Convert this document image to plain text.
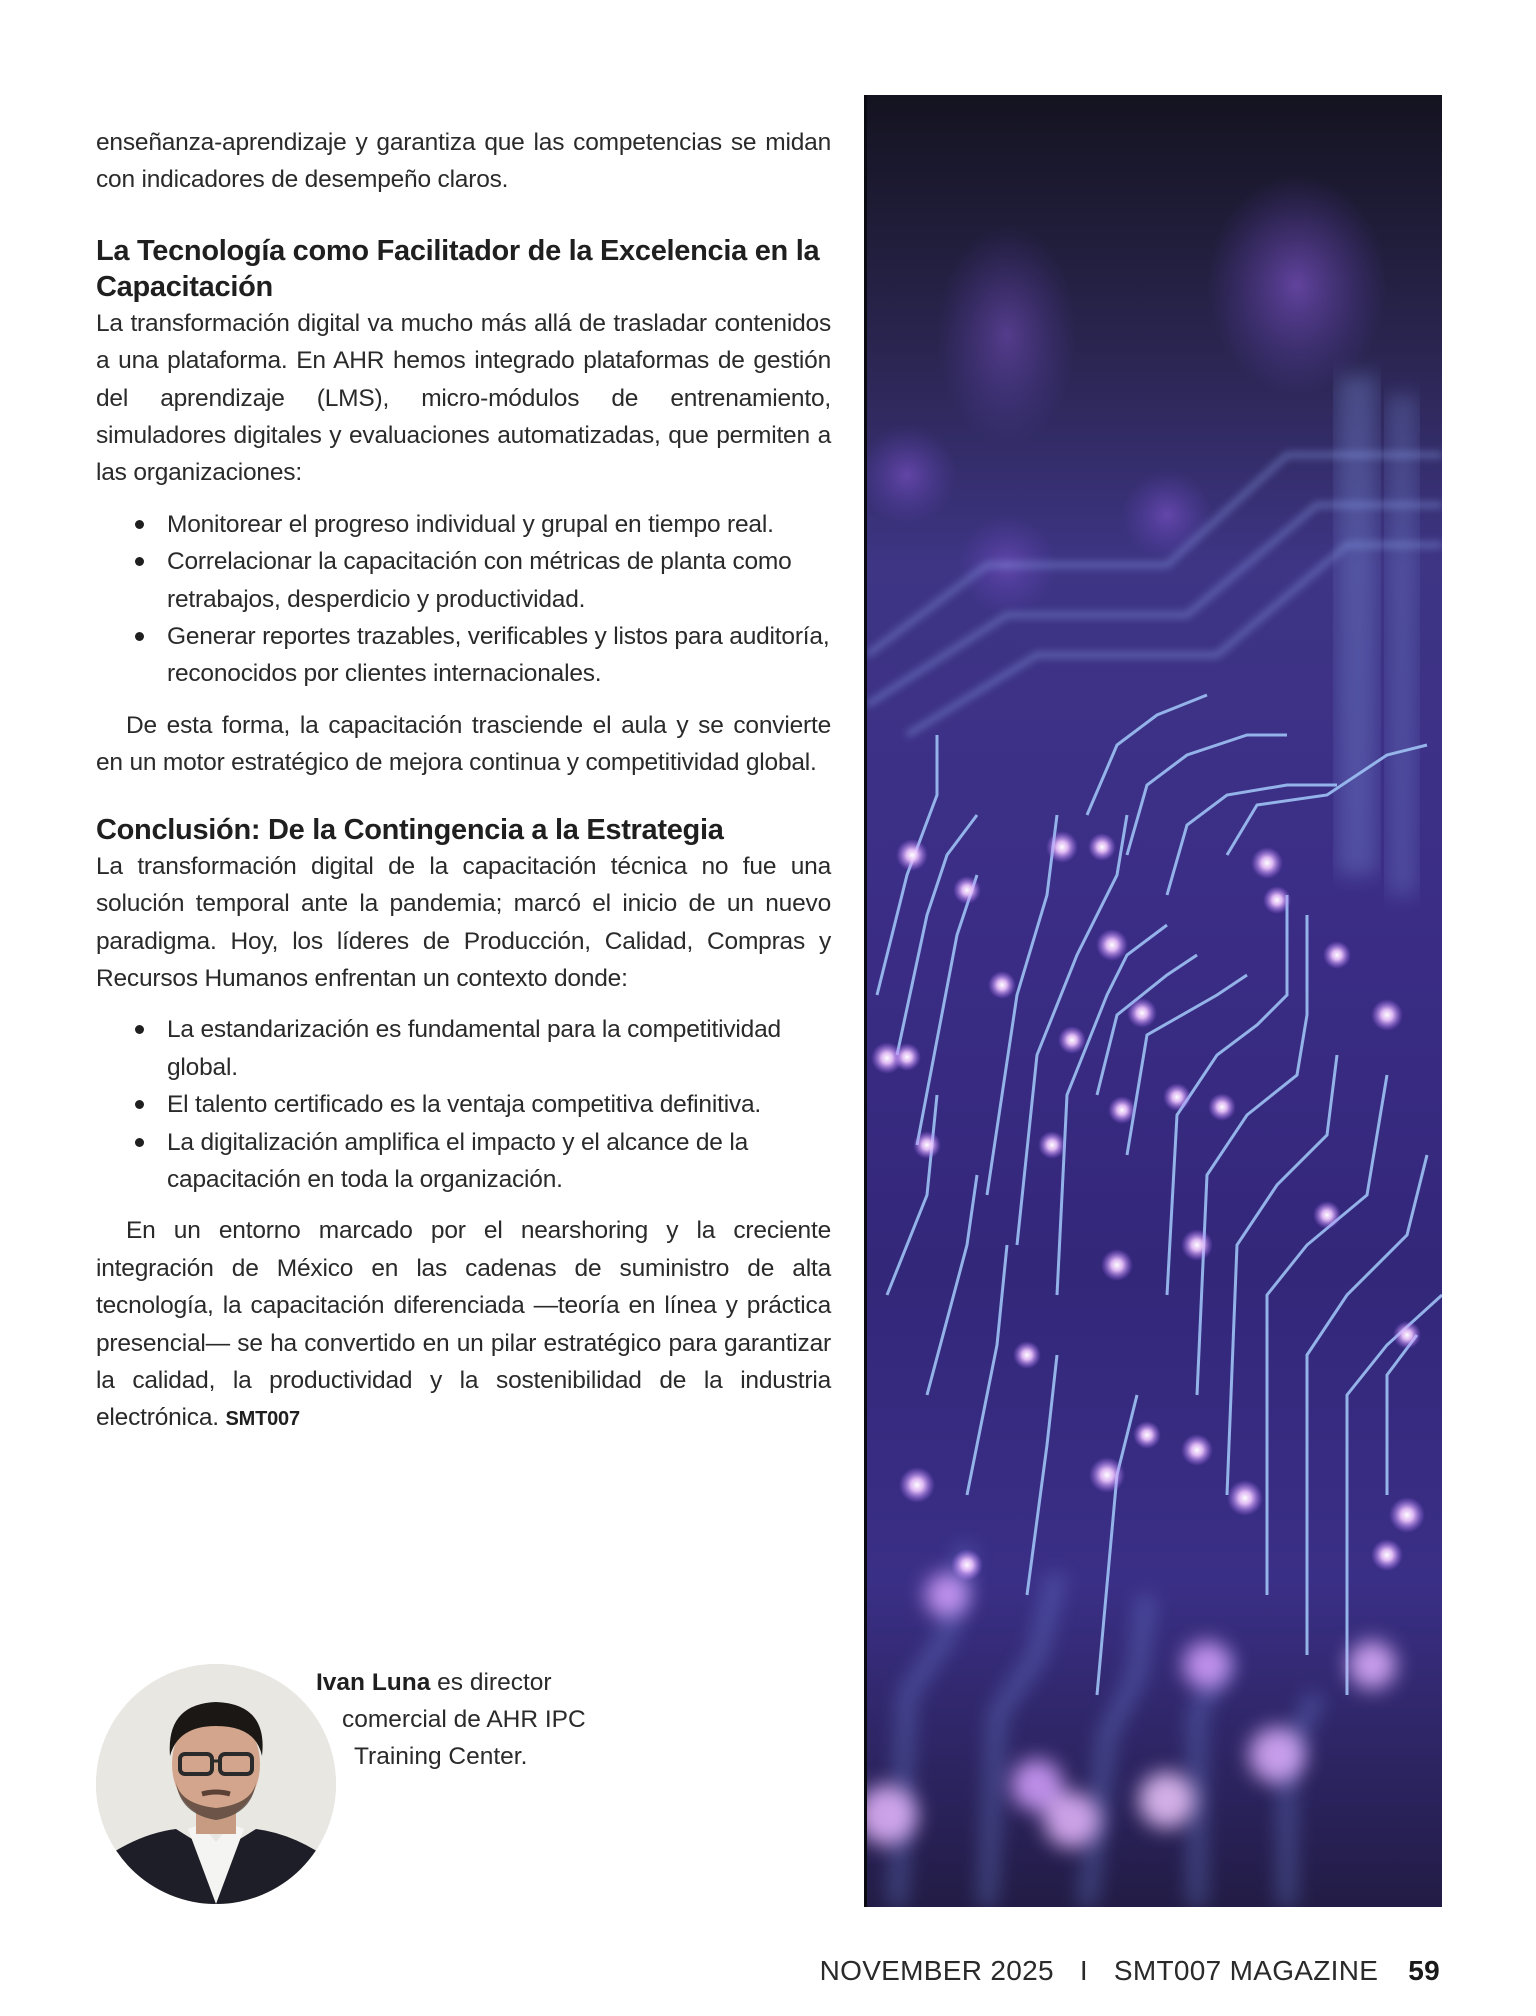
enseñanza-aprendizaje y garantiza que las competencias se midan con indicadores de desempeño claros.

La Tecnología como Facilitador de la Excelencia en la Capacitación

La transformación digital va mucho más allá de trasladar contenidos a una plataforma. En AHR hemos integrado plataformas de gestión del aprendizaje (LMS), micro-módulos de entrenamiento, simuladores digitales y evaluaciones automatizadas, que permiten a las organizaciones:

Monitorear el progreso individual y grupal en tiempo real.
Correlacionar la capacitación con métricas de planta como retrabajos, desperdicio y productividad.
Generar reportes trazables, verificables y listos para auditoría, reconocidos por clientes internacionales.

De esta forma, la capacitación trasciende el aula y se convierte en un motor estratégico de mejora continua y competitividad global.

Conclusión: De la Contingencia a la Estrategia

La transformación digital de la capacitación técnica no fue una solución temporal ante la pandemia; marcó el inicio de un nuevo paradigma. Hoy, los líderes de Producción, Calidad, Compras y Recursos Humanos enfrentan un contexto donde:

La estandarización es fundamental para la competitividad global.
El talento certificado es la ventaja competitiva definitiva.
La digitalización amplifica el impacto y el alcance de la capacitación en toda la organización.

En un entorno marcado por el nearshoring y la creciente integración de México en las cadenas de suministro de alta tecnología, la capacitación diferenciada —teoría en línea y práctica presencial— se ha convertido en un pilar estratégico para garantizar la calidad, la productividad y la sostenibilidad de la industria electrónica. SMT007

Ivan Luna es director
comercial de AHR IPC
Training Center.
NOVEMBER 2025 I SMT007 MAGAZINE 59
